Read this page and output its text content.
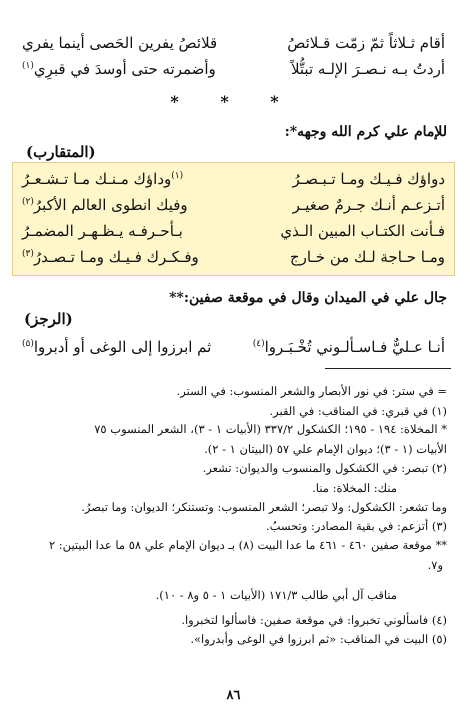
أقام ثـلاثاً ثمّ زمّت قـلائصُ
قلائصُ يفرين الحَصى أينما يفري
أردتُ بـه نـصـرَ الإلـه تبتُّلاً
وأضمرته حتى أوسدَ في قبرِي$^{(١)}$
* * *
للإمام علي كرم الله وجهه*:
(المتقارب)
دواؤك فـيـك ومـا تـبـصـرُ
$^{(١)}$وداؤك مـنـك مـا تـشـعـرُ
أتـزعـم أنـك جـرمٌ صغيـر
وفيك انطوى العالم الأكبرُ$^{(٢)}$
فـأنت الكتـاب المبين الـذي
بـأحـرفـه يـظـهـر المضمـرُ
ومـا حـاجة لـك من خـارج
وفـكـرك فـيـك ومـا تـصـدرُ$^{(٣)}$
جال علي في الميدان وقال في موقعة صفين:**
(الرجز)
أنـا عـليٌّ فـاسـألـوني تُخْـبَـروا$^{(٤)}$
ثم ابرزوا إلى الوغى أو أدبروا$^{(٥)}$
= في ستر: في نور الأبصار والشعر المنسوب: في الستر.
(١) في قبري: في المناقب: في القبر.
* المخلاة: ١٩٤ - ١٩٥؛ الكشكول ٣٣٧/٢ (الأبيات ١ - ٣)، الشعر المنسوب ٧٥
الأبيات (١ - ٣)؛ ديوان الإمام علي ٥٧ (البيتان ١ - ٢).
(٢) تبصر: في الكشكول والمنسوب والديوان: تشعر.
منك: المخلاة: منا.
وما تشعر: الكشكول: ولا تبصر؛ الشعر المنسوب: وتستنكر؛ الديوان: وما تبصرُ.
(٣) أتزعم: في بقية المصادر: وتحسبُ.
** موقعة صفين ٤٦٠ - ٤٦١ ما عدا البيت (٨) بـ ديوان الإمام علي ٥٨ ما عدا البيتين: ٢
و٧.
مناقب آل أبي طالب ١٧١/٣ (الأبيات ١ - ٥ و٨ - ١٠).
(٤) فاسألوني تخبروا: في موقعة صفين: فاسألوا لتخبروا.
(٥) البيت في المناقب: «ثم ابرزوا في الوغى وأبدروا».
٨٦
